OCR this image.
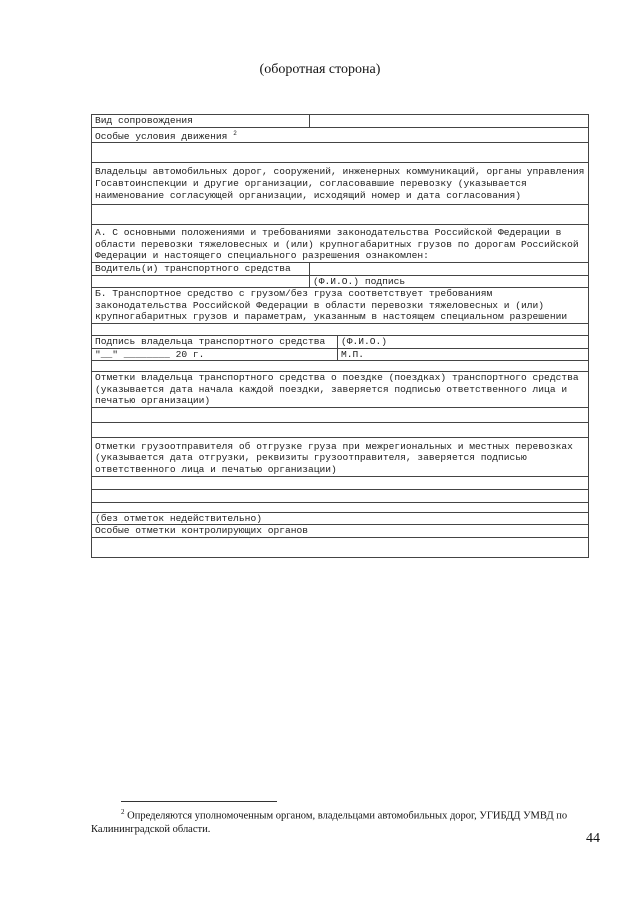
(оборотная сторона)
Вид сопровождения		
Особые условия движения $^2$

Владельцы автомобильных дорог, сооружений, инженерных коммуникаций, органы управления Госавтоинспекции и другие организации, согласовавшие перевозку (указывается наименование согласующей организации, исходящий номер и дата согласования)		

А. С основными положениями и требованиями законодательства Российской Федерации в области перевозки тяжеловесных и (или) крупногабаритных грузов по дорогам Российской Федерации и настоящего специального разрешения ознакомлен:		
Водитель(и) транспортного средства		
	(Ф.И.О.) подпись	
Б. Транспортное средство с грузом/без груза соответствует требованиям законодательства Российской Федерации в области перевозки тяжеловесных и (или) крупногабаритных грузов и параметрам, указанным в настоящем специальном разрешении		

Подпись владельца транспортного средства		(Ф.И.О.)
"__" ________ 20 г.		М.П.

Отметки владельца транспортного средства о поездке (поездках) транспортного средства (указывается дата начала каждой поездки, заверяется подписью ответственного лица и печатью организации)		

Отметки грузоотправителя об отгрузке груза при межрегиональных и местных перевозках (указывается дата отгрузки, реквизиты грузоотправителя, заверяется подписью ответственного лица и печатью организации)		

(без отметок недействительно)		
Особые отметки контролирующих органов		

$^2$ Определяются уполномоченным органом, владельцами автомобильных дорог, УГИБДД УМВД по Калининградской области.
44
